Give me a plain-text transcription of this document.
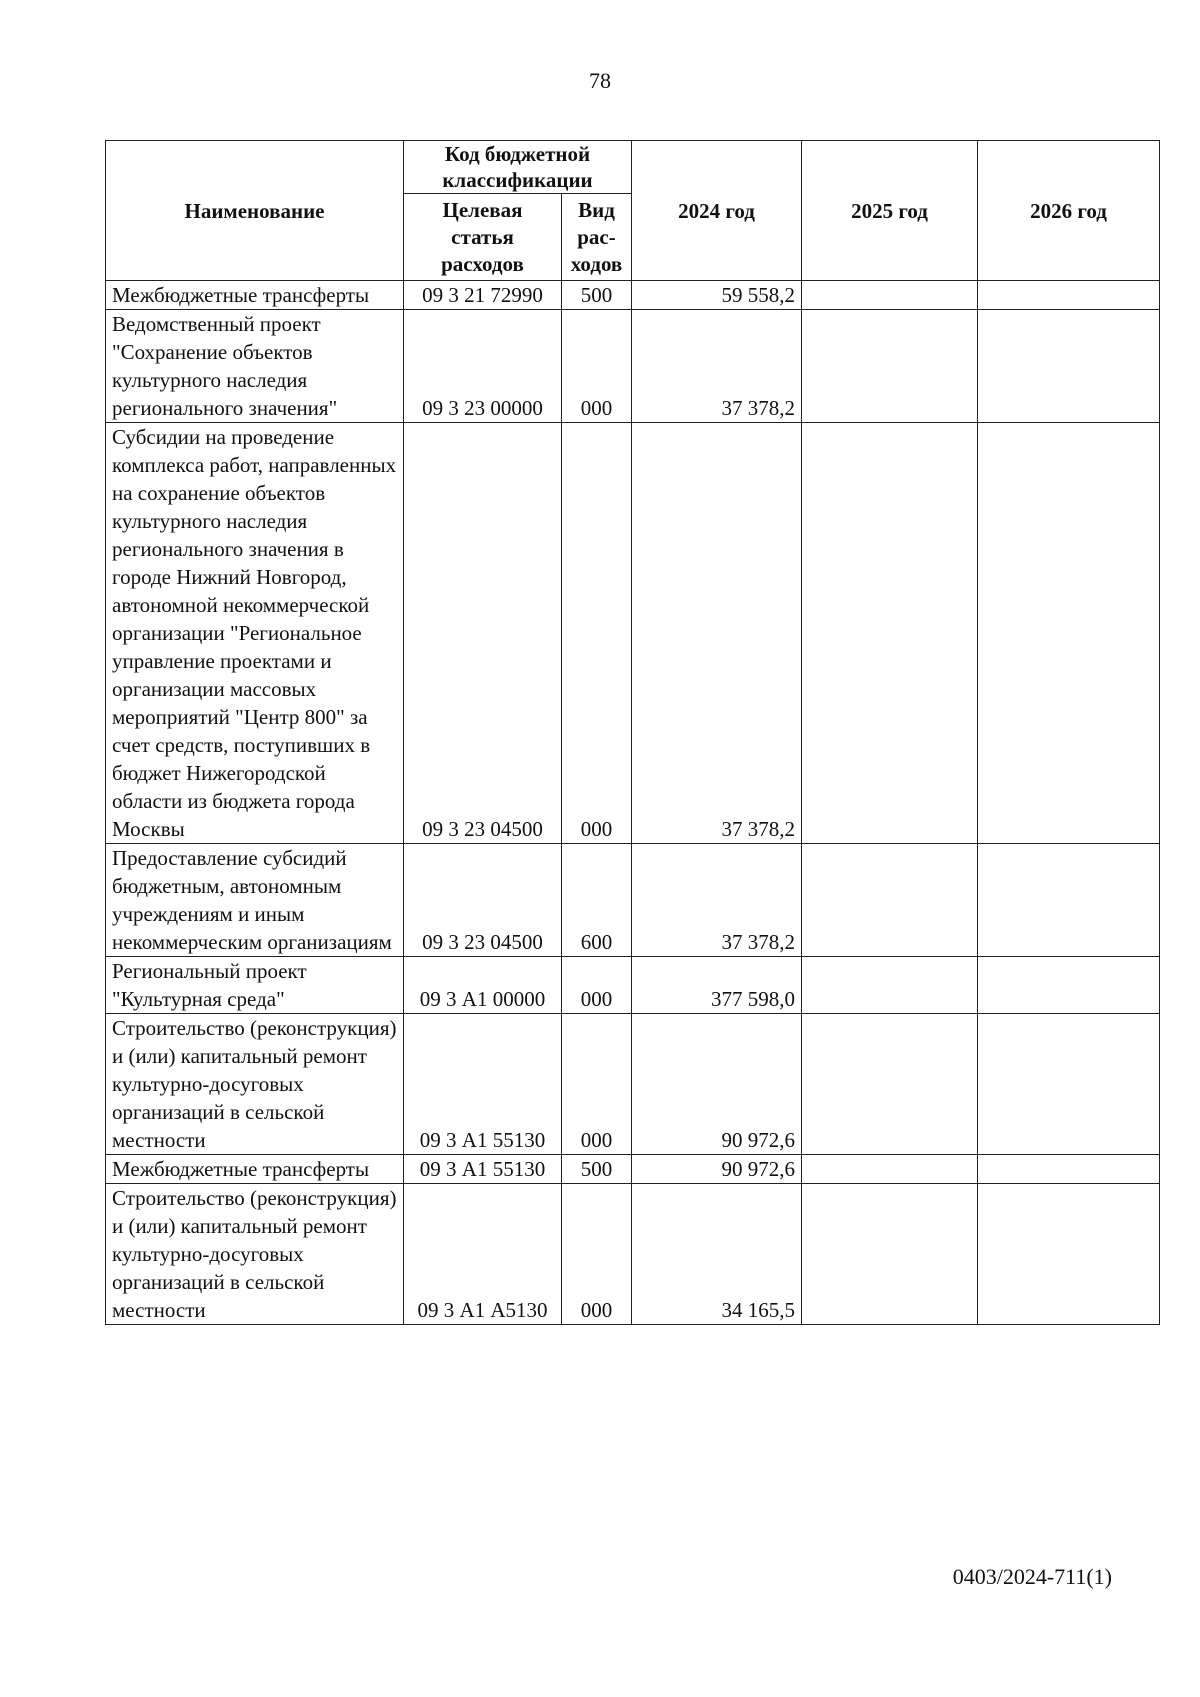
78
Наименование	Код бюджетной классификации		2024 год	2025 год	2026 год
	Целевая статья расходов	Вид рас- ходов			
Межбюджетные трансферты	09 3 21 72990	500	59 558,2		
Ведомственный проект "Сохранение объектов культурного наследия регионального значения"	09 3 23 00000	000	37 378,2		
Субсидии на проведение комплекса работ, направленных на сохранение объектов культурного наследия регионального значения в городе Нижний Новгород, автономной некоммерческой организации "Региональное управление проектами и организации массовых мероприятий "Центр 800" за счет средств, поступивших в бюджет Нижегородской области из бюджета города Москвы	09 3 23 04500	000	37 378,2		
Предоставление субсидий бюджетным, автономным учреждениям и иным некоммерческим организациям	09 3 23 04500	600	37 378,2		
Региональный проект "Культурная среда"	09 3 А1 00000	000	377 598,0		
Строительство (реконструкция) и (или) капитальный ремонт культурно-досуговых организаций в сельской местности	09 3 А1 55130	000	90 972,6		
Межбюджетные трансферты	09 3 А1 55130	500	90 972,6		
Строительство (реконструкция) и (или) капитальный ремонт культурно-досуговых организаций в сельской местности	09 3 А1 А5130	000	34 165,5		
0403/2024-711(1)
